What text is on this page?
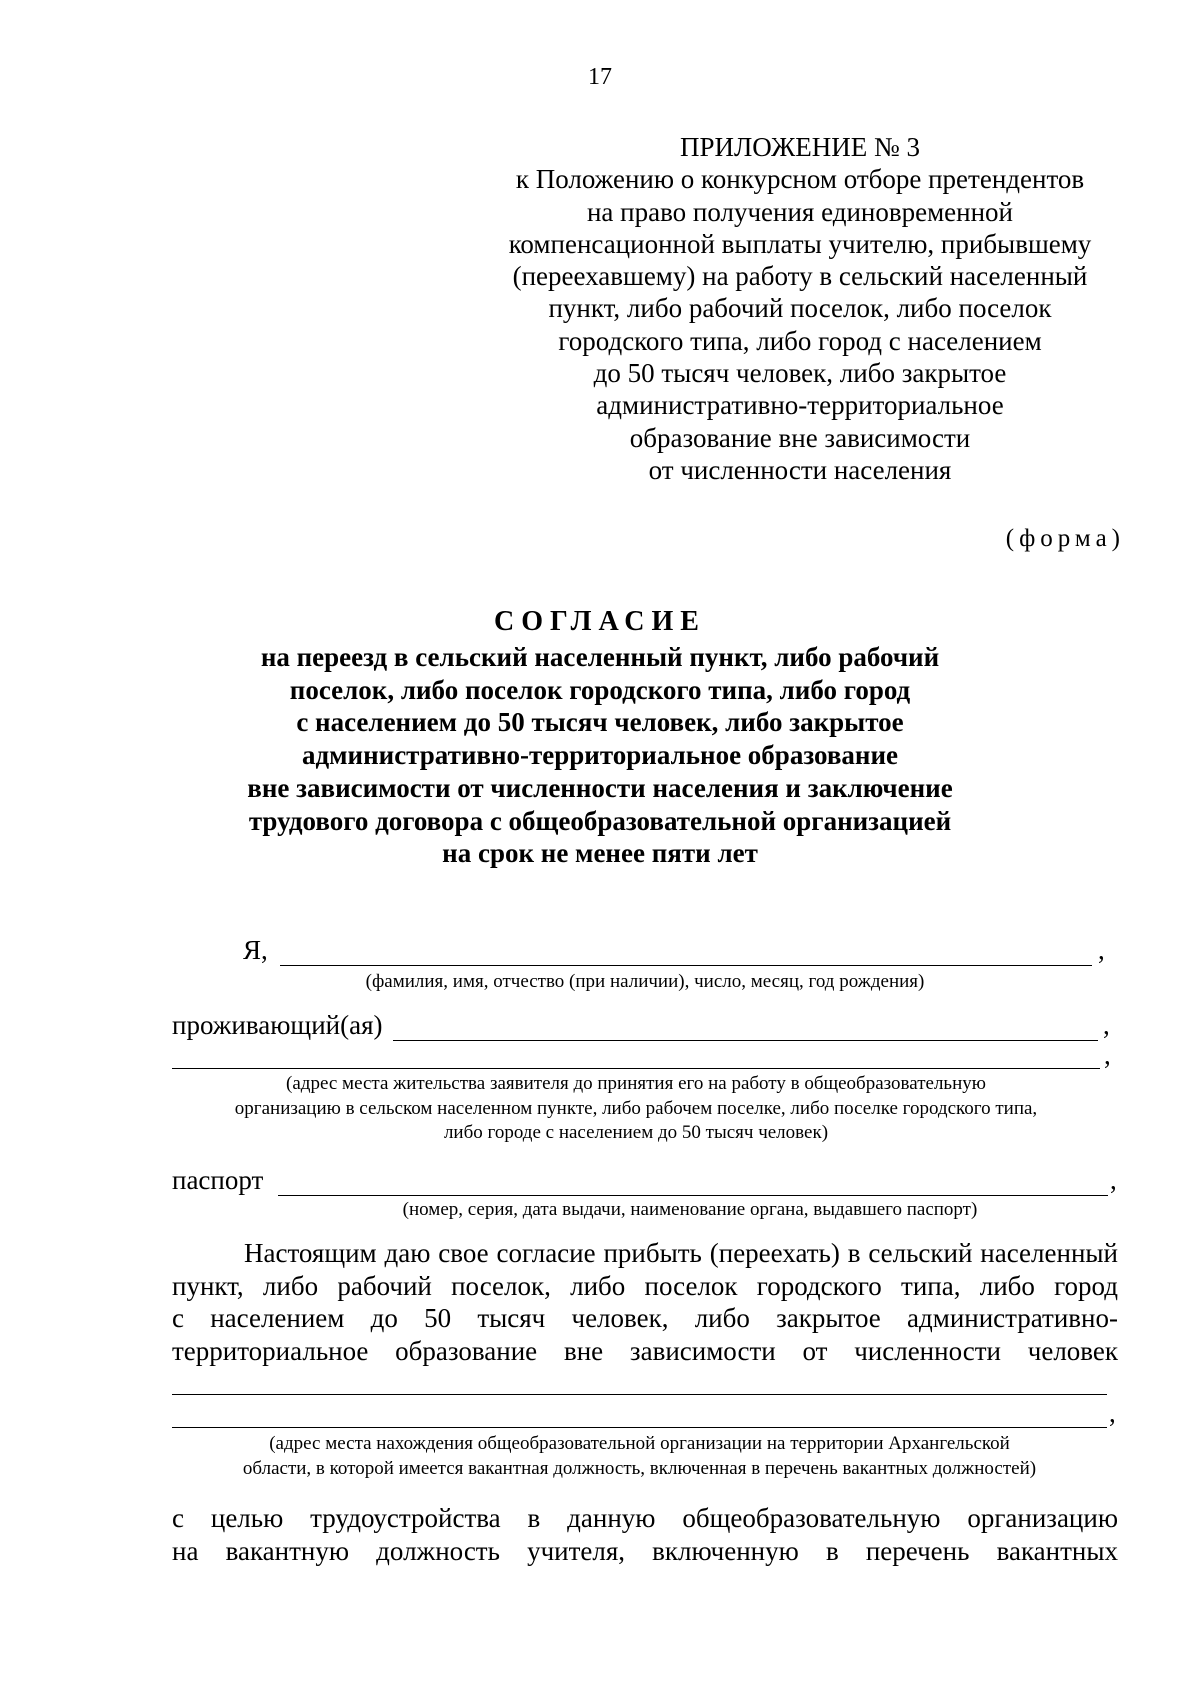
17
ПРИЛОЖЕНИЕ № 3
к Положению о конкурсном отборе претендентов
на право получения единовременной
компенсационной выплаты учителю, прибывшему
(переехавшему) на работу в сельский населенный
пункт, либо рабочий поселок, либо поселок
городского типа, либо город с населением
до 50 тысяч человек, либо закрытое
административно-территориальное
образование вне зависимости
от численности населения
(форма)
СОГЛАСИЕ
на переезд в сельский населенный пункт, либо рабочий
поселок, либо поселок городского типа, либо город
с населением до 50 тысяч человек, либо закрытое
административно-территориальное образование
вне зависимости от численности населения и заключение
трудового договора с общеобразовательной организацией
на срок не менее пяти лет
Я,	,
(фамилия, имя, отчество (при наличии), число, месяц, год рождения)
проживающий(ая)	,
,
(адрес места жительства заявителя до принятия его на работу в общеобразовательную
организацию в сельском населенном пункте, либо рабочем поселке, либо поселке городского типа,
либо городе с населением до 50 тысяч человек)
паспорт	,
(номер, серия, дата выдачи, наименование органа, выдавшего паспорт)
Настоящим даю свое согласие прибыть (переехать) в сельский населенный
пункт, либо рабочий поселок, либо поселок городского типа, либо город
с населением до 50 тысяч человек, либо закрытое административно-
территориальное образование вне зависимости от численности человек
,
(адрес места нахождения общеобразовательной организации на территории Архангельской
области, в которой имеется вакантная должность, включенная в перечень вакантных должностей)
с целью трудоустройства в данную общеобразовательную организацию
на вакантную должность учителя, включенную в перечень вакантных
